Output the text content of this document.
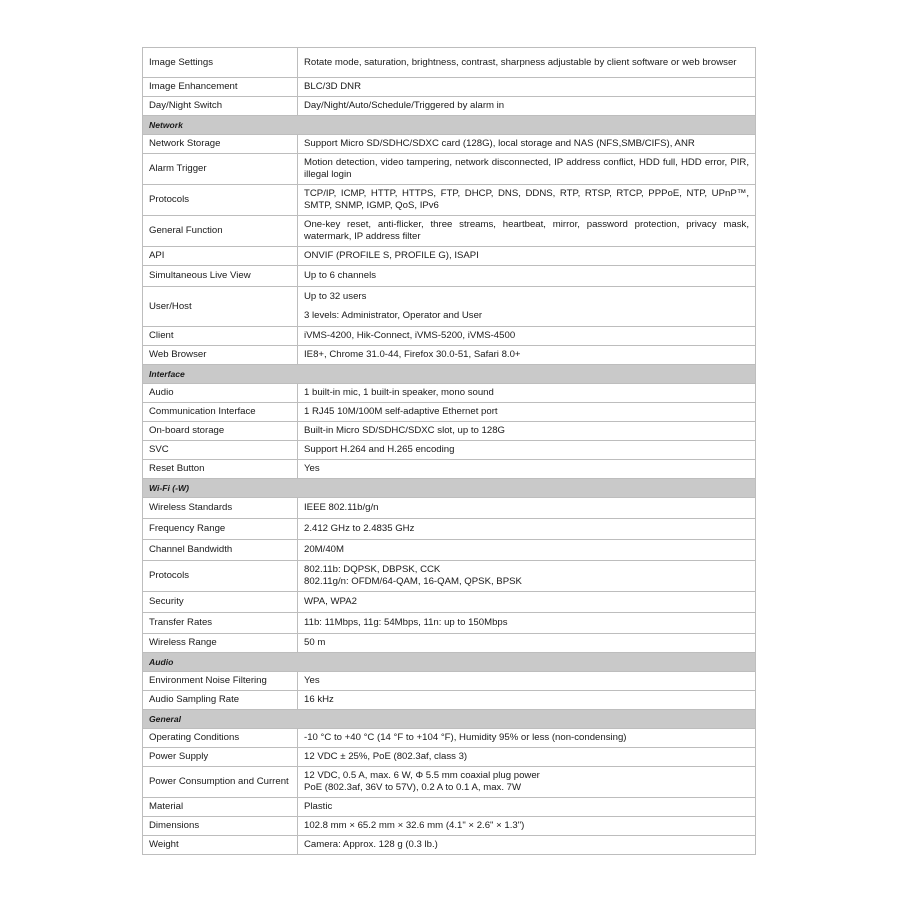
Image Settings	Rotate mode, saturation, brightness, contrast, sharpness adjustable by client software or web browser

Image Enhancement	BLC/3D DNR

Day/Night Switch	Day/Night/Auto/Schedule/Triggered by alarm in

Network	
Network Storage	Support Micro SD/SDHC/SDXC card (128G), local storage and NAS (NFS,SMB/CIFS), ANR

Alarm Trigger	Motion detection, video tampering, network disconnected, IP address conflict, HDD full, HDD error, PIR, illegal login

Protocols	TCP/IP, ICMP, HTTP, HTTPS, FTP, DHCP, DNS, DDNS, RTP, RTSP, RTCP, PPPoE, NTP, UPnP™, SMTP, SNMP, IGMP, QoS, IPv6

General Function	One-key reset, anti-flicker, three streams, heartbeat, mirror, password protection, privacy mask, watermark, IP address filter

API	ONVIF (PROFILE S, PROFILE G), ISAPI

Simultaneous Live View	Up to 6 channels

User/Host	Up to 32 users
3 levels: Administrator, Operator and User

Client	iVMS-4200, Hik-Connect, iVMS-5200, iVMS-4500

Web Browser	IE8+, Chrome 31.0-44, Firefox 30.0-51, Safari 8.0+

Interface	
Audio	1 built-in mic, 1 built-in speaker, mono sound

Communication Interface	1 RJ45 10M/100M self-adaptive Ethernet port

On-board storage	Built-in Micro SD/SDHC/SDXC slot, up to 128G

SVC	Support H.264 and H.265 encoding

Reset Button	Yes

Wi-Fi (-W)	
Wireless Standards	IEEE 802.11b/g/n

Frequency Range	2.412 GHz to 2.4835 GHz

Channel Bandwidth	20M/40M

Protocols	802.11b: DQPSK, DBPSK, CCK
802.11g/n: OFDM/64-QAM, 16-QAM, QPSK, BPSK

Security	WPA, WPA2

Transfer Rates	11b: 11Mbps, 11g: 54Mbps, 11n: up to 150Mbps

Wireless Range	50 m

Audio	
Environment Noise Filtering	Yes

Audio Sampling Rate	16 kHz

General	
Operating Conditions	-10 °C to +40 °C (14 °F to +104 °F), Humidity 95% or less (non-condensing)

Power Supply	12 VDC ± 25%, PoE (802.3af, class 3)

Power Consumption and Current	12 VDC, 0.5 A, max. 6 W, Φ 5.5 mm coaxial plug power
PoE (802.3af, 36V to 57V), 0.2 A to 0.1 A, max. 7W

Material	Plastic

Dimensions	102.8 mm × 65.2 mm × 32.6 mm (4.1" × 2.6" × 1.3")

Weight	Camera: Approx. 128 g (0.3 lb.)
